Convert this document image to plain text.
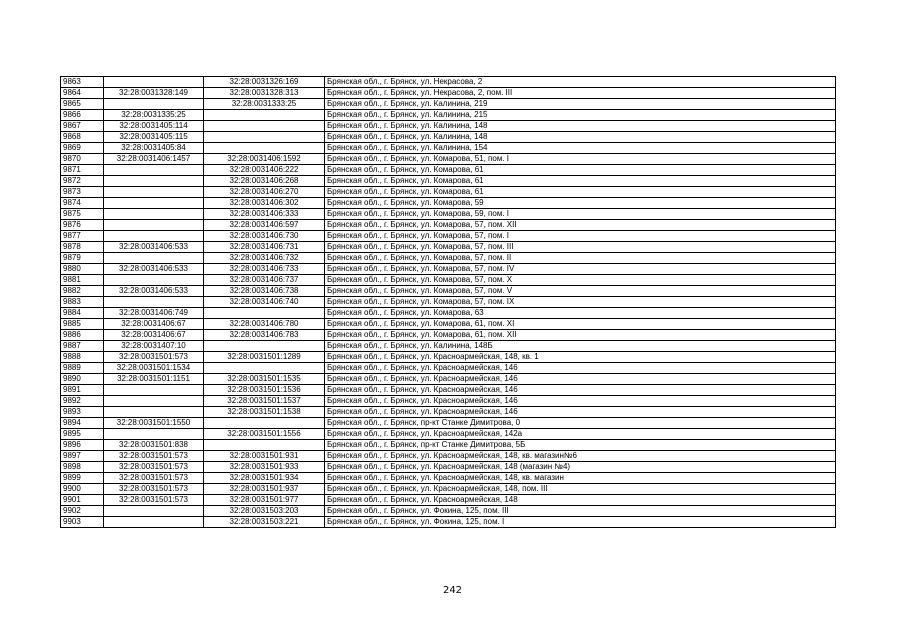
9863		32:28:0031326:169	Брянская обл., г. Брянск, ул. Некрасова, 2
9864	32:28:0031328:149	32:28:0031328:313	Брянская обл., г. Брянск, ул. Некрасова, 2, пом. III
9865		32:28:0031333:25	Брянская обл., г. Брянск, ул. Калинина, 219
9866	32:28:0031335:25		Брянская обл., г. Брянск, ул. Калинина, 215
9867	32:28:0031405:114		Брянская обл., г. Брянск, ул. Калинина, 148
9868	32:28:0031405:115		Брянская обл., г. Брянск, ул. Калинина, 148
9869	32:28:0031405:84		Брянская обл., г. Брянск, ул. Калинина, 154
9870	32:28:0031406:1457	32:28:0031406:1592	Брянская обл., г. Брянск, ул. Комарова, 51, пом. I
9871		32:28:0031406:222	Брянская обл., г. Брянск, ул. Комарова, 61
9872		32:28:0031406:268	Брянская обл., г. Брянск, ул. Комарова, 61
9873		32:28:0031406:270	Брянская обл., г. Брянск, ул. Комарова, 61
9874		32:28:0031406:302	Брянская обл., г. Брянск, ул. Комарова, 59
9875		32:28:0031406:333	Брянская обл., г. Брянск, ул. Комарова, 59, пом. I
9876		32:28:0031406:597	Брянская обл., г. Брянск, ул. Комарова, 57, пом. XII
9877		32:28:0031406:730	Брянская обл., г. Брянск, ул. Комарова, 57, пом. I
9878	32:28:0031406:533	32:28:0031406:731	Брянская обл., г. Брянск, ул. Комарова, 57, пом. III
9879		32:28:0031406:732	Брянская обл., г. Брянск, ул. Комарова, 57, пом. II
9880	32:28:0031406:533	32:28:0031406:733	Брянская обл., г. Брянск, ул. Комарова, 57, пом. IV
9881		32:28:0031406:737	Брянская обл., г. Брянск, ул. Комарова, 57, пом. X
9882	32:28:0031406:533	32:28:0031406:738	Брянская обл., г. Брянск, ул. Комарова, 57, пом. V
9883		32:28:0031406:740	Брянская обл., г. Брянск, ул. Комарова, 57, пом. IX
9884	32:28:0031406:749		Брянская обл., г. Брянск, ул. Комарова, 63
9885	32:28:0031406:67	32:28:0031406:780	Брянская обл., г. Брянск, ул. Комарова, 61, пом. XI
9886	32:28:0031406:67	32:28:0031406:783	Брянская обл., г. Брянск, ул. Комарова, 61, пом. XII
9887	32:28:0031407:10		Брянская обл., г. Брянск, ул. Калинина, 148Б
9888	32:28:0031501:573	32:28:0031501:1289	Брянская обл., г. Брянск, ул. Красноармейская, 148, кв. 1
9889	32:28:0031501:1534		Брянская обл., г. Брянск, ул. Красноармейская, 146
9890	32:28:0031501:1151	32:28:0031501:1535	Брянская обл., г. Брянск, ул. Красноармейская, 146
9891		32:28:0031501:1536	Брянская обл., г. Брянск, ул. Красноармейская, 146
9892		32:28:0031501:1537	Брянская обл., г. Брянск, ул. Красноармейская, 146
9893		32:28:0031501:1538	Брянская обл., г. Брянск, ул. Красноармейская, 146
9894	32:28:0031501:1550		Брянская обл., г. Брянск, пр-кт Станке Димитрова, 0
9895		32:28:0031501:1556	Брянская обл., г. Брянск, ул. Красноармейская, 142а
9896	32:28:0031501:838		Брянская обл., г. Брянск, пр-кт Станке Димитрова, 5Б
9897	32:28:0031501:573	32:28:0031501:931	Брянская обл., г. Брянск, ул. Красноармейская, 148, кв. магазин№6
9898	32:28:0031501:573	32:28:0031501:933	Брянская обл., г. Брянск, ул. Красноармейская, 148 (магазин №4)
9899	32:28:0031501:573	32:28:0031501:934	Брянская обл., г. Брянск, ул. Красноармейская, 148, кв. магазин
9900	32:28:0031501:573	32:28:0031501:937	Брянская обл., г. Брянск, ул. Красноармейская, 148, пом. III
9901	32:28:0031501:573	32:28:0031501:977	Брянская обл., г. Брянск, ул. Красноармейская, 148
9902		32:28:0031503:203	Брянская обл., г. Брянск, ул. Фокина, 125, пом. III
9903		32:28:0031503:221	Брянская обл., г. Брянск, ул. Фокина, 125, пом. I
242
